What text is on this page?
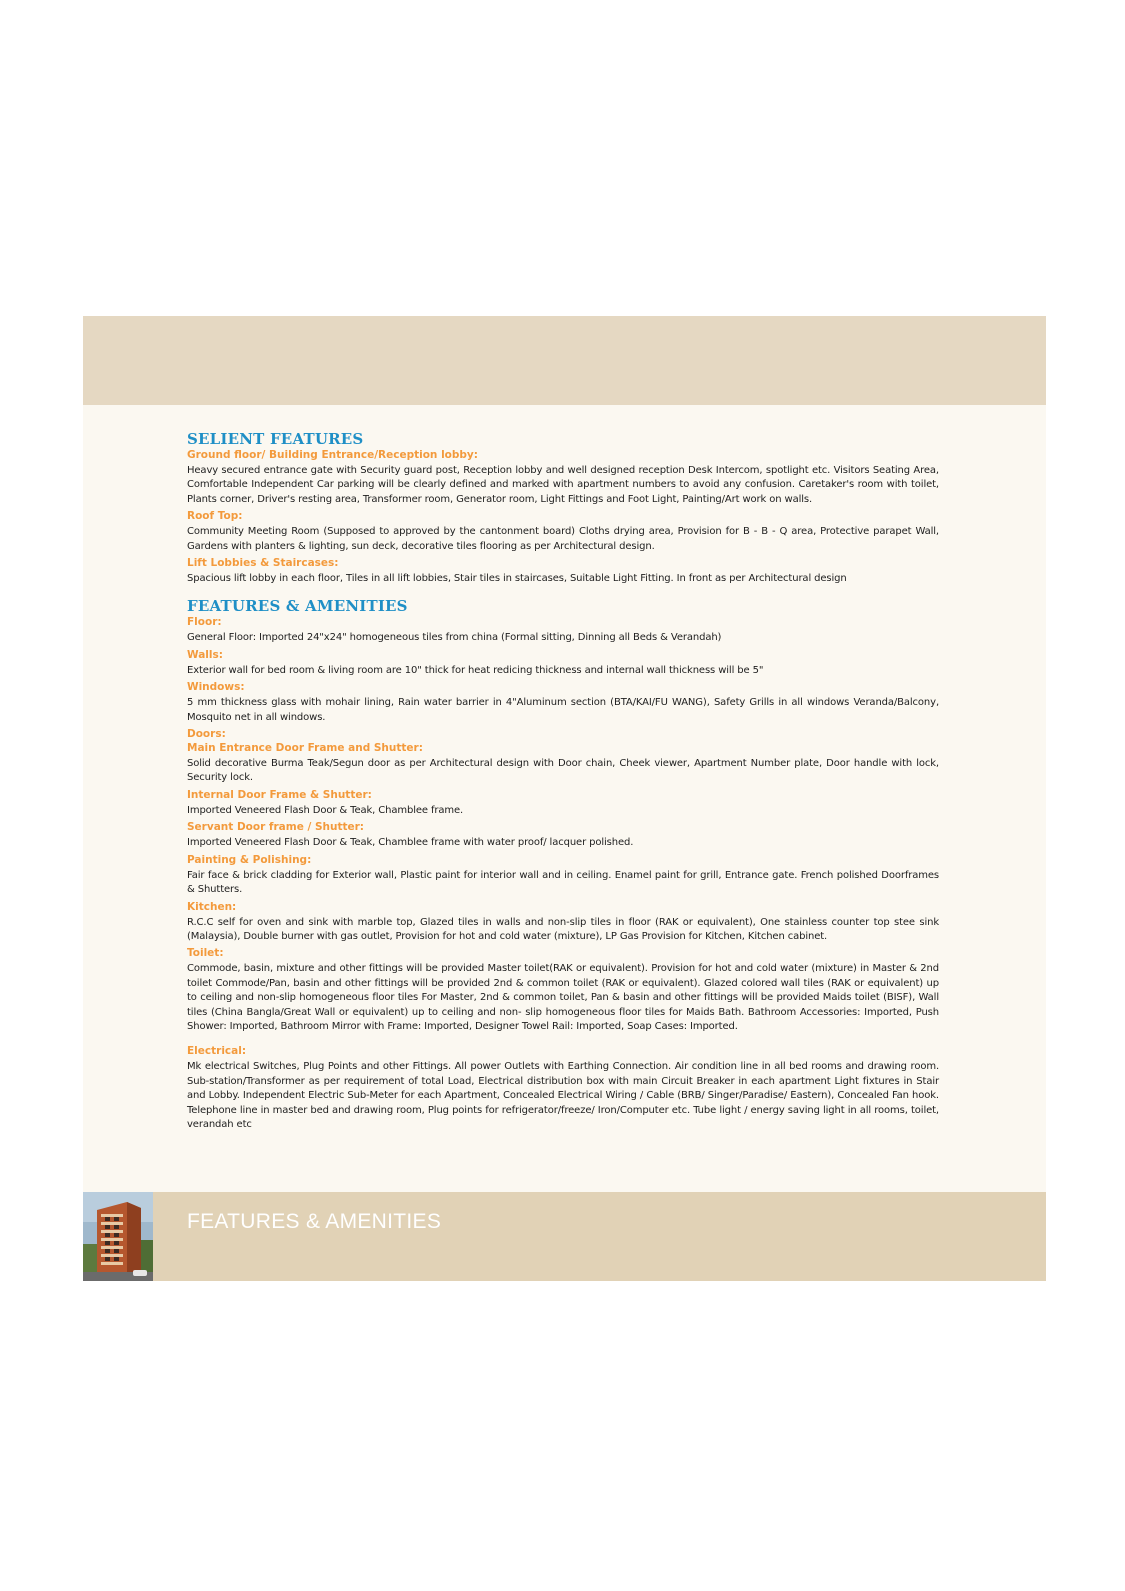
SELIENT FEATURES

Ground floor/ Building Entrance/Reception lobby:

Heavy secured entrance gate with Security guard post, Reception lobby and well designed reception Desk Intercom, spotlight etc. Visitors Seating Area, Comfortable Independent Car parking will be clearly defined and marked with apartment numbers to avoid any confusion. Caretaker's room with toilet, Plants corner, Driver's resting area, Transformer room, Generator room, Light Fittings and Foot Light, Painting/Art work on walls.

Roof Top:

Community Meeting Room (Supposed to approved by the cantonment board) Cloths drying area, Provision for B - B - Q area, Protective parapet Wall, Gardens with planters & lighting, sun deck, decorative tiles flooring as per Architectural design.

Lift Lobbies & Staircases:

Spacious lift lobby in each floor, Tiles in all lift lobbies, Stair tiles in staircases, Suitable Light Fitting. In front as per Architectural design

FEATURES & AMENITIES

Floor:

General Floor: Imported 24"x24" homogeneous tiles from china (Formal sitting, Dinning all Beds & Verandah)

Walls:

Exterior wall for bed room & living room are 10" thick for heat redicing thickness and internal wall thickness will be 5"

Windows:

5 mm thickness glass with mohair lining, Rain water barrier in 4"Aluminum section (BTA/KAI/FU WANG), Safety Grills in all windows Veranda/Balcony, Mosquito net in all windows.

Doors:

Main Entrance Door Frame and Shutter:

Solid decorative Burma Teak/Segun door as per Architectural design with Door chain, Cheek viewer, Apartment Number plate, Door handle with lock, Security lock.

Internal Door Frame & Shutter:

Imported Veneered Flash Door & Teak, Chamblee frame.

Servant Door frame / Shutter:

Imported Veneered Flash Door & Teak, Chamblee frame with water proof/ lacquer polished.

Painting & Polishing:

Fair face & brick cladding for Exterior wall, Plastic paint for interior wall and in ceiling. Enamel paint for grill, Entrance gate. French polished Doorframes & Shutters.

Kitchen:

R.C.C self for oven and sink with marble top, Glazed tiles in walls and non-slip tiles in floor (RAK or equivalent), One stainless counter top stee sink (Malaysia), Double burner with gas outlet, Provision for hot and cold water (mixture), LP Gas Provision for Kitchen, Kitchen cabinet.

Toilet:

Commode, basin, mixture and other fittings will be provided Master toilet(RAK or equivalent). Provision for hot and cold water (mixture) in Master & 2nd toilet Commode/Pan, basin and other fittings will be provided 2nd & common toilet (RAK or equivalent). Glazed colored wall tiles (RAK or equivalent) up to ceiling and non-slip homogeneous floor tiles For Master, 2nd & common toilet, Pan & basin and other fittings will be provided Maids toilet (BISF), Wall tiles (China Bangla/Great Wall or equivalent) up to ceiling and non- slip homogeneous floor tiles for Maids Bath. Bathroom Accessories: Imported, Push Shower: Imported, Bathroom Mirror with Frame: Imported, Designer Towel Rail: Imported, Soap Cases: Imported.

Electrical:

Mk electrical Switches, Plug Points and other Fittings. All power Outlets with Earthing Connection. Air condition line in all bed rooms and drawing room. Sub-station/Transformer as per requirement of total Load, Electrical distribution box with main Circuit Breaker in each apartment Light fixtures in Stair and Lobby. Independent Electric Sub-Meter for each Apartment, Concealed Electrical Wiring / Cable (BRB/ Singer/Paradise/ Eastern), Concealed Fan hook. Telephone line in master bed and drawing room, Plug points for refrigerator/freeze/ Iron/Computer etc. Tube light / energy saving light in all rooms, toilet, verandah etc

FEATURES & AMENITIES
